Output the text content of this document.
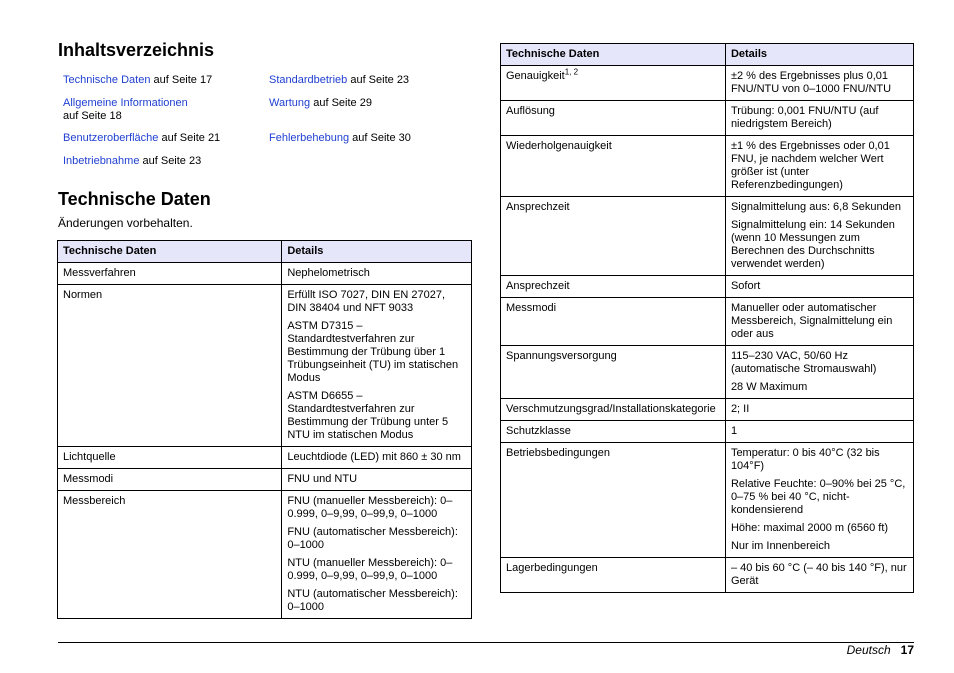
Inhaltsverzeichnis
Technische Daten auf Seite 17
Allgemeine Informationen
auf Seite 18
Benutzeroberfläche auf Seite 21
Inbetriebnahme auf Seite 23
Standardbetrieb auf Seite 23
Wartung auf Seite 29
Fehlerbehebung auf Seite 30
Technische Daten
Änderungen vorbehalten.
Technische Daten	Details
Messverfahren	Nephelometrisch

Normen	Erfüllt ISO 7027, DIN EN 27027, DIN 38404 und NFT 9033

ASTM D7315 – Standardtestverfahren zur Bestimmung der Trübung über 1 Trübungseinheit (TU) im statischen Modus

ASTM D6655 – Standardtestverfahren zur Bestimmung der Trübung unter 5 NTU im statischen Modus

Lichtquelle	Leuchtdiode (LED) mit 860 ± 30 nm

Messmodi	FNU und NTU

Messbereich	FNU (manueller Messbereich): 0–0.999, 0–9,99, 0–99,9, 0–1000

FNU (automatischer Messbereich): 0–1000

NTU (manueller Messbereich): 0–0.999, 0–9,99, 0–99,9, 0–1000

NTU (automatischer Messbereich): 0–1000

Technische Daten	Details
Genauigkeit$^{1, 2}$	±2 % des Ergebnisses plus 0,01 FNU/NTU von 0–1000 FNU/NTU

Auflösung	Trübung: 0,001 FNU/NTU (auf niedrigstem Bereich)

Wiederholgenauigkeit	±1 % des Ergebnisses oder 0,01 FNU, je nachdem welcher Wert größer ist (unter Referenzbedingungen)

Ansprechzeit	Signalmittelung aus: 6,8 Sekunden

Signalmittelung ein: 14 Sekunden (wenn 10 Messungen zum Berechnen des Durchschnitts verwendet werden)

Ansprechzeit	Sofort

Messmodi	Manueller oder automatischer Messbereich, Signalmittelung ein oder aus

Spannungsversorgung	115–230 VAC, 50/60 Hz (automatische Stromauswahl)

28 W Maximum

Verschmutzungsgrad/Installationskategorie	2; II

Schutzklasse	1

Betriebsbedingungen	Temperatur: 0 bis 40°C (32 bis 104°F)

Relative Feuchte: 0–90% bei 25 °C, 0–75 % bei 40 °C, nicht-kondensierend

Höhe: maximal 2000 m (6560 ft)

Nur im Innenbereich

Lagerbedingungen	– 40 bis 60 °C (– 40 bis 140 °F), nur Gerät

Deutsch 17
